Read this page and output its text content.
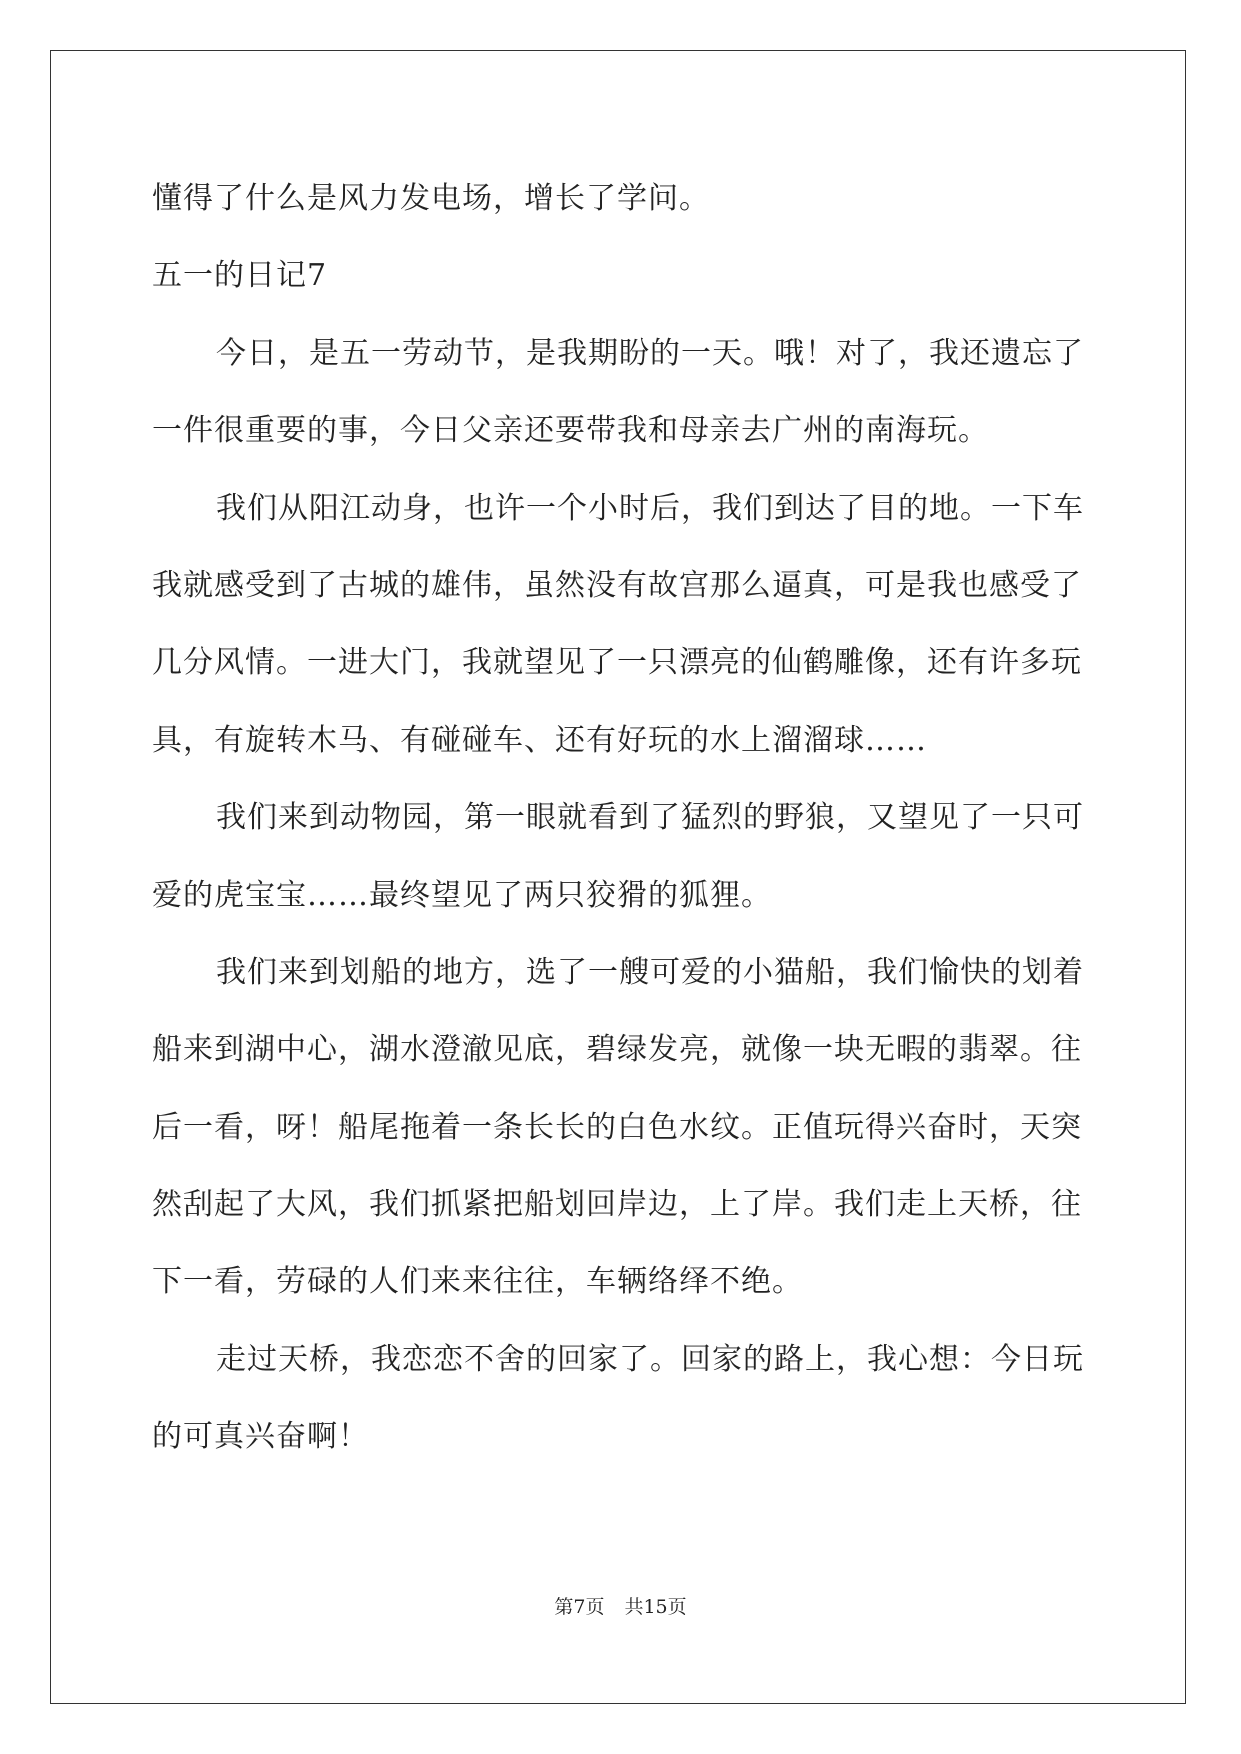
懂得了什么是风力发电场，增长了学问。
五一的日记7
今日，是五一劳动节，是我期盼的一天。哦！对了，我还遗忘了
一件很重要的事，今日父亲还要带我和母亲去广州的南海玩。
我们从阳江动身，也许一个小时后，我们到达了目的地。一下车
我就感受到了古城的雄伟，虽然没有故宫那么逼真，可是我也感受了
几分风情。一进大门，我就望见了一只漂亮的仙鹤雕像，还有许多玩
具，有旋转木马、有碰碰车、还有好玩的水上溜溜球……
我们来到动物园，第一眼就看到了猛烈的野狼，又望见了一只可
爱的虎宝宝……最终望见了两只狡猾的狐狸。
我们来到划船的地方，选了一艘可爱的小猫船，我们愉快的划着
船来到湖中心，湖水澄澈见底，碧绿发亮，就像一块无暇的翡翠。往
后一看，呀！船尾拖着一条长长的白色水纹。正值玩得兴奋时，天突
然刮起了大风，我们抓紧把船划回岸边，上了岸。我们走上天桥，往
下一看，劳碌的人们来来往往，车辆络绎不绝。
走过天桥，我恋恋不舍的回家了。回家的路上，我心想：今日玩
的可真兴奋啊！
第7页 共15页
